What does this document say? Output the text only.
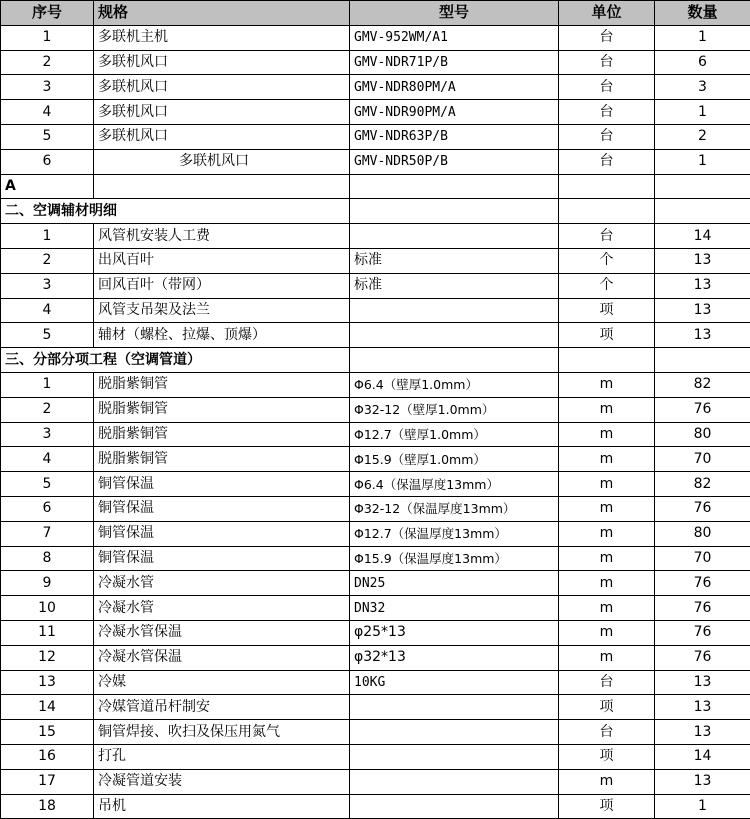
序号	规格	型号	单位	数量
1	多联机主机	GMV-952WM/A1	台	1
2	多联机风口	GMV-NDR71P/B	台	6
3	多联机风口	GMV-NDR80PM/A	台	3
4	多联机风口	GMV-NDR90PM/A	台	1
5	多联机风口	GMV-NDR63P/B	台	2
6	多联机风口	GMV-NDR50P/B	台	1
A				
二、空调辅材明细				
1	风管机安装人工费		台	14
2	出风百叶	标准	个	13
3	回风百叶（带网）	标准	个	13
4	风管支吊架及法兰		项	13
5	辅材（螺栓、拉爆、顶爆）		项	13
三、分部分项工程（空调管道）				
1	脱脂紫铜管	Φ6.4（壁厚1.0mm）	m	82
2	脱脂紫铜管	Φ32-12（壁厚1.0mm）	m	76
3	脱脂紫铜管	Φ12.7（壁厚1.0mm）	m	80
4	脱脂紫铜管	Φ15.9（壁厚1.0mm）	m	70
5	铜管保温	Φ6.4（保温厚度13mm）	m	82
6	铜管保温	Φ32-12（保温厚度13mm）	m	76
7	铜管保温	Φ12.7（保温厚度13mm）	m	80
8	铜管保温	Φ15.9（保温厚度13mm）	m	70
9	冷凝水管	DN25	m	76
10	冷凝水管	DN32	m	76
11	冷凝水管保温	φ25*13	m	76
12	冷凝水管保温	φ32*13	m	76
13	冷媒	10KG	台	13
14	冷媒管道吊杆制安		项	13
15	铜管焊接、吹扫及保压用氮气		台	13
16	打孔		项	14
17	冷凝管道安装		m	13
18	吊机		项	1
